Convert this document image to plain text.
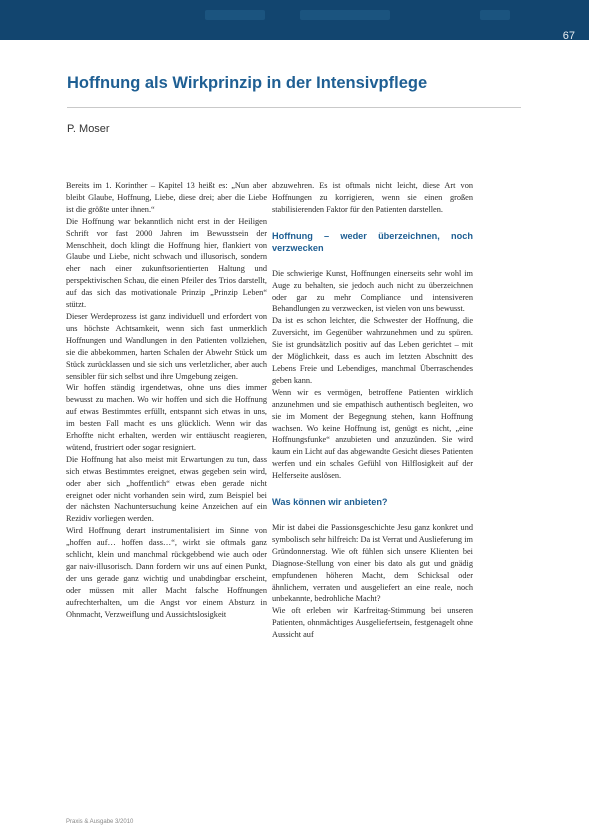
67
Hoffnung als Wirkprinzip in der Intensivpflege
P. Moser

Bereits im 1. Korinther – Kapitel 13 heißt es: „Nun aber bleibt Glaube, Hoffnung, Liebe, diese drei; aber die Liebe ist die größte unter ihnen.“

Die Hoffnung war bekanntlich nicht erst in der Heiligen Schrift vor fast 2000 Jahren im Bewusstsein der Menschheit, doch klingt die Hoffnung hier, flankiert von Glaube und Liebe, nicht schwach und illusorisch, sondern eher nach einer zukunftsorientierten Haltung und perspektivischen Schau, die einen Pfeiler des Trios darstellt, auf das sich das motivationale Prinzip „Prinzip Leben“ stützt.

Dieser Werdeprozess ist ganz individuell und erfordert von uns höchste Achtsamkeit, wenn sich fast unmerklich Hoffnungen und Wandlungen in den Patienten vollziehen, sie die abbekommen, harten Schalen der Abwehr Stück um Stück zurücklassen und sie sich uns verletzlicher, aber auch sensibler für sich selbst und ihre Umgebung zeigen.

Wir hoffen ständig irgendetwas, ohne uns dies immer bewusst zu machen. Wo wir hoffen und sich die Hoffnung auf etwas Bestimmtes erfüllt, entspannt sich etwas in uns, im besten Fall macht es uns glücklich. Wenn wir das Erhoffte nicht erhalten, werden wir enttäuscht reagieren, wütend, frustriert oder sogar resigniert.

Die Hoffnung hat also meist mit Erwartungen zu tun, dass sich etwas Bestimmtes ereignet, etwas gegeben sein wird, oder aber sich „hoffentlich“ etwas eben gerade nicht ereignet oder nicht vorhanden sein wird, zum Beispiel bei der nächsten Nachuntersuchung keine Anzeichen auf ein Rezidiv vorliegen werden.

Wird Hoffnung derart instrumentalisiert im Sinne von „hoffen auf… hoffen dass…“, wirkt sie oftmals ganz schlicht, klein und manchmal rückgebbend wie auch oder gar naiv-illusorisch. Dann fordern wir uns auf einen Punkt, der uns gerade ganz wichtig und unabdingbar erscheint, oder müssen mit aller Macht falsche Hoffnungen aufrechterhalten, um die Angst vor einem Absturz in Ohnmacht, Verzweiflung und Aussichtslosigkeit

abzuwehren. Es ist oftmals nicht leicht, diese Art von Hoffnungen zu korrigieren, wenn sie einen großen stabilisierenden Faktor für den Patienten darstellen.

Hoffnung – weder überzeichnen, noch verzwecken

Die schwierige Kunst, Hoffnungen einerseits sehr wohl im Auge zu behalten, sie jedoch auch nicht zu überzeichnen oder gar zu mehr Compliance und intensiveren Behandlungen zu verzwecken, ist vielen von uns bewusst.

Da ist es schon leichter, die Schwester der Hoffnung, die Zuversicht, im Gegenüber wahrzunehmen und zu spüren. Sie ist grundsätzlich positiv auf das Leben gerichtet – mit der Möglichkeit, dass es auch im letzten Abschnitt des Lebens Freie und Lebendiges, manchmal Überraschendes geben kann.

Wenn wir es vermögen, betroffene Patienten wirklich anzunehmen und sie empathisch authentisch begleiten, wo sie im Moment der Begegnung stehen, kann Hoffnung wachsen. Wo keine Hoffnung ist, genügt es nicht, „eine Hoffnungsfunke“ anzubieten und anzuzünden. Sie wird kaum ein Licht auf das abgewandte Gesicht dieses Patienten werfen und ein schales Gefühl von Hilflosigkeit auf der Helferseite auslösen.

Was können wir anbieten?

Mir ist dabei die Passionsgeschichte Jesu ganz konkret und symbolisch sehr hilfreich: Da ist Verrat und Auslieferung im Gründonnerstag. Wie oft fühlen sich unsere Klienten bei Diagnose-Stellung von einer bis dato als gut und gnädig empfundenen höheren Macht, dem Schicksal oder ähnlichem, verraten und ausgeliefert an eine reale, noch unbekannte, bedrohliche Macht?

Wie oft erleben wir Karfreitag-Stimmung bei unseren Patienten, ohnmächtiges Ausgeliefertsein, festgenagelt ohne Aussicht auf

Praxis & Ausgabe 3/2010
